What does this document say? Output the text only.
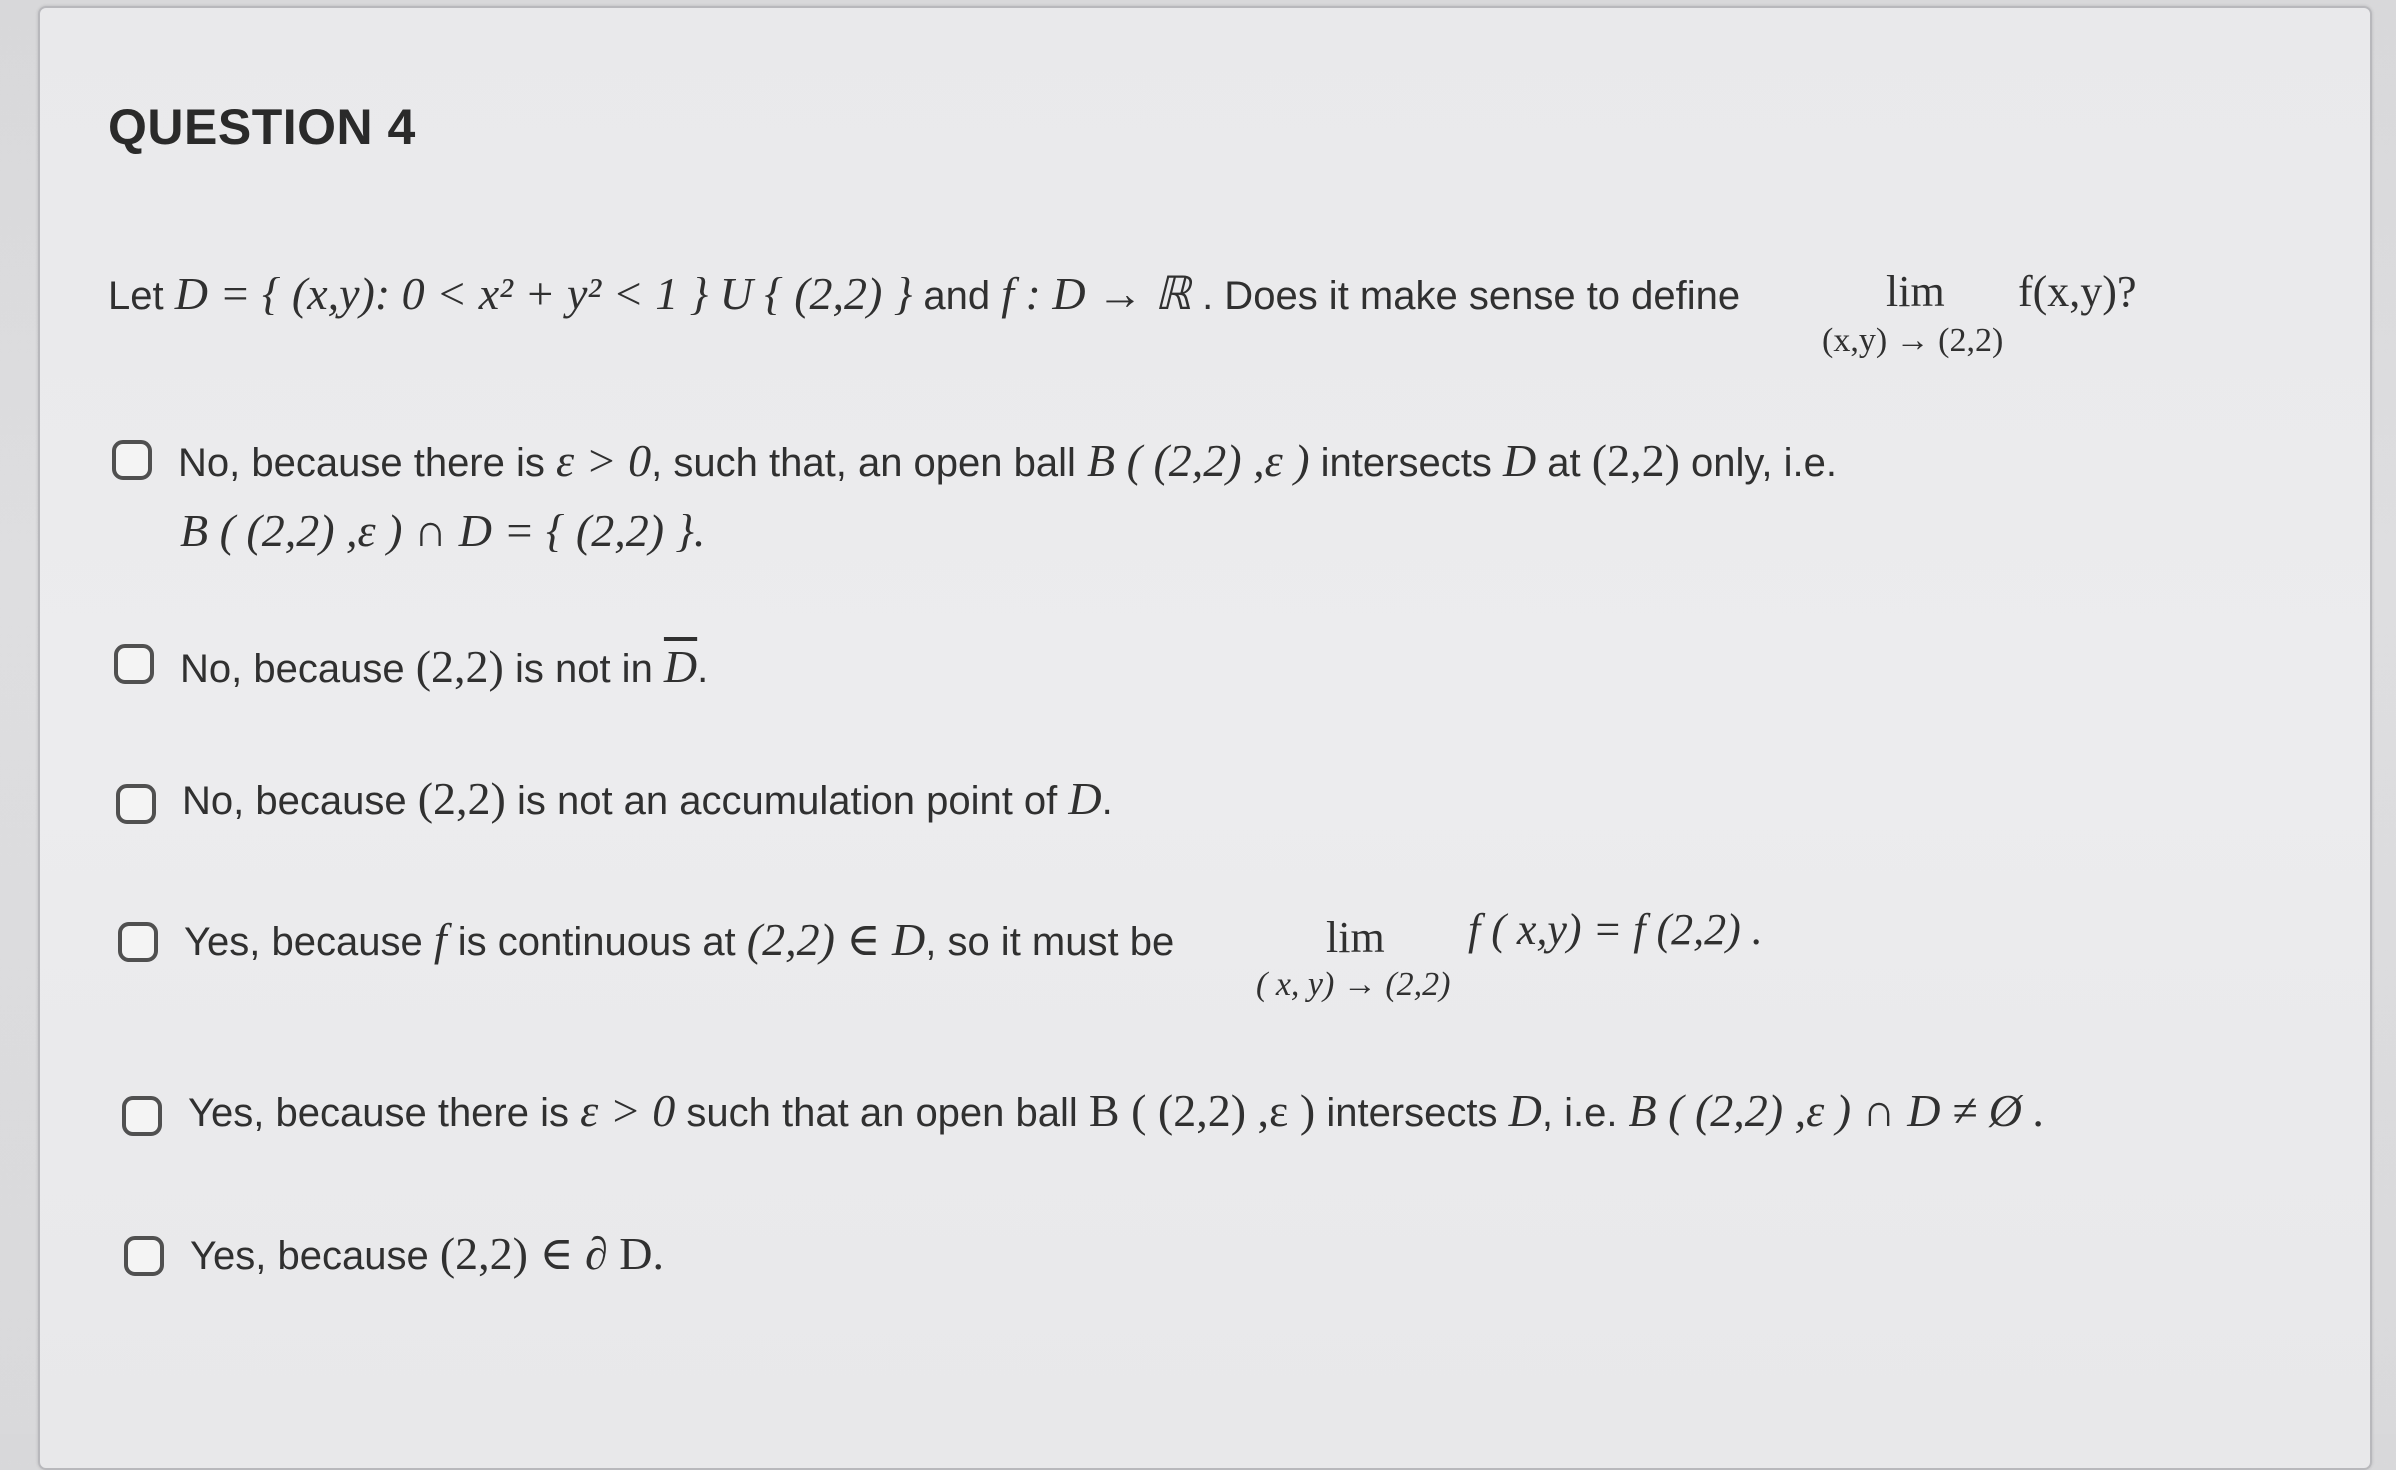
QUESTION 4
Let D = { (x,y): 0 < x² + y² < 1 } U { (2,2) } and f : D → ℝ . Does it make sense to define	lim f(x,y)?
(x,y) → (2,2)
No, because there is ε > 0, such that, an open ball B ( (2,2) ,ε ) intersects D at (2,2) only, i.e.
B ( (2,2) ,ε ) ∩ D = { (2,2) }.
No, because (2,2) is not in $\overline{D}$.
No, because (2,2) is not an accumulation point of D.
Yes, because f is continuous at (2,2) ∈ D, so it must be	lim f ( x,y) = f (2,2) .
( x, y) → (2,2)
Yes, because there is ε > 0 such that an open ball B ( (2,2) ,ε ) intersects D, i.e. B ( (2,2) ,ε ) ∩ D ≠ Ø .
Yes, because (2,2) ∈ ∂ D.
